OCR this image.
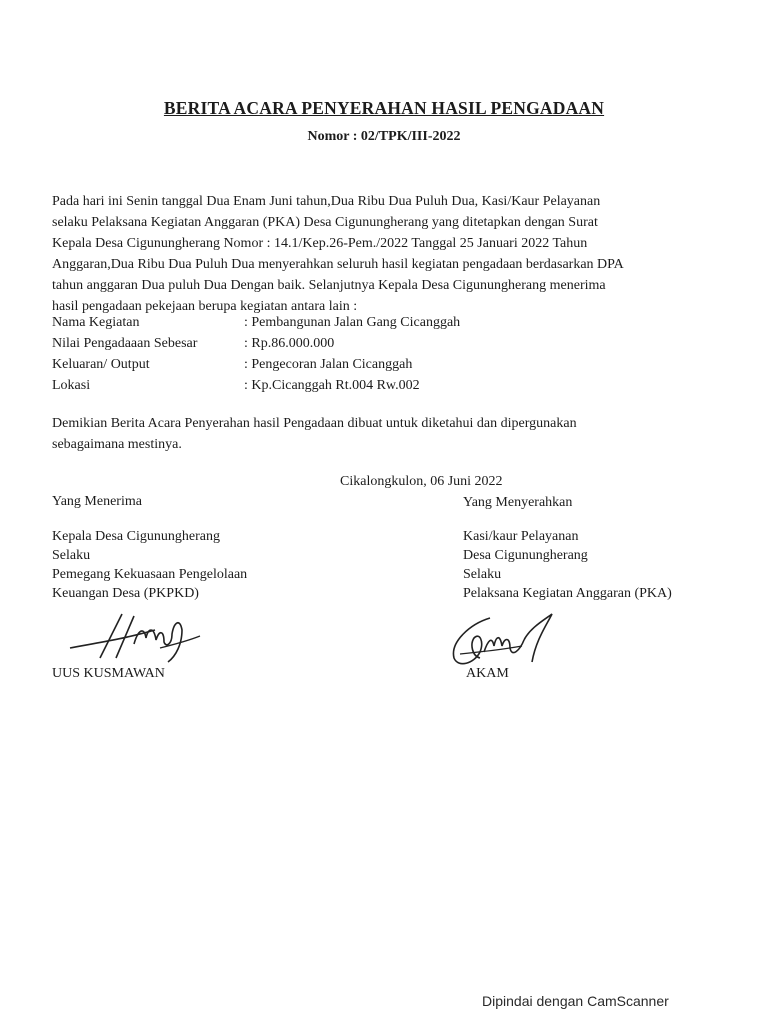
BERITA ACARA PENYERAHAN HASIL PENGADAAN
Nomor : 02/TPK/III-2022
Pada hari ini Senin tanggal Dua Enam Juni tahun,Dua Ribu Dua Puluh Dua, Kasi/Kaur Pelayanan
selaku Pelaksana Kegiatan Anggaran (PKA) Desa Cigunungherang yang ditetapkan dengan Surat
Kepala Desa Cigunungherang Nomor : 14.1/Kep.26-Pem./2022 Tanggal 25 Januari 2022 Tahun
Anggaran,Dua Ribu Dua Puluh Dua menyerahkan seluruh hasil kegiatan pengadaan berdasarkan DPA
tahun anggaran Dua puluh Dua Dengan baik. Selanjutnya Kepala Desa Cigunungherang menerima
hasil pengadaan pekejaan berupa kegiatan antara lain :
Nama Kegiatan	: Pembangunan Jalan Gang Cicanggah
Nilai Pengadaaan Sebesar	: Rp.86.000.000
Keluaran/ Output	: Pengecoran Jalan Cicanggah
Lokasi	: Kp.Cicanggah Rt.004 Rw.002
Demikian Berita Acara Penyerahan hasil Pengadaan dibuat untuk diketahui dan dipergunakan
sebagaimana mestinya.
Cikalongkulon, 06 Juni 2022
Yang Menerima	Yang Menyerahkan
Kepala Desa Cigunungherang
Selaku
Pemegang Kekuasaan Pengelolaan
Keuangan Desa (PKPKD)
Kasi/kaur Pelayanan
Desa Cigunungherang
Selaku
Pelaksana Kegiatan Anggaran (PKA)
UUS KUSMAWAN	AKAM
Dipindai dengan CamScanner
